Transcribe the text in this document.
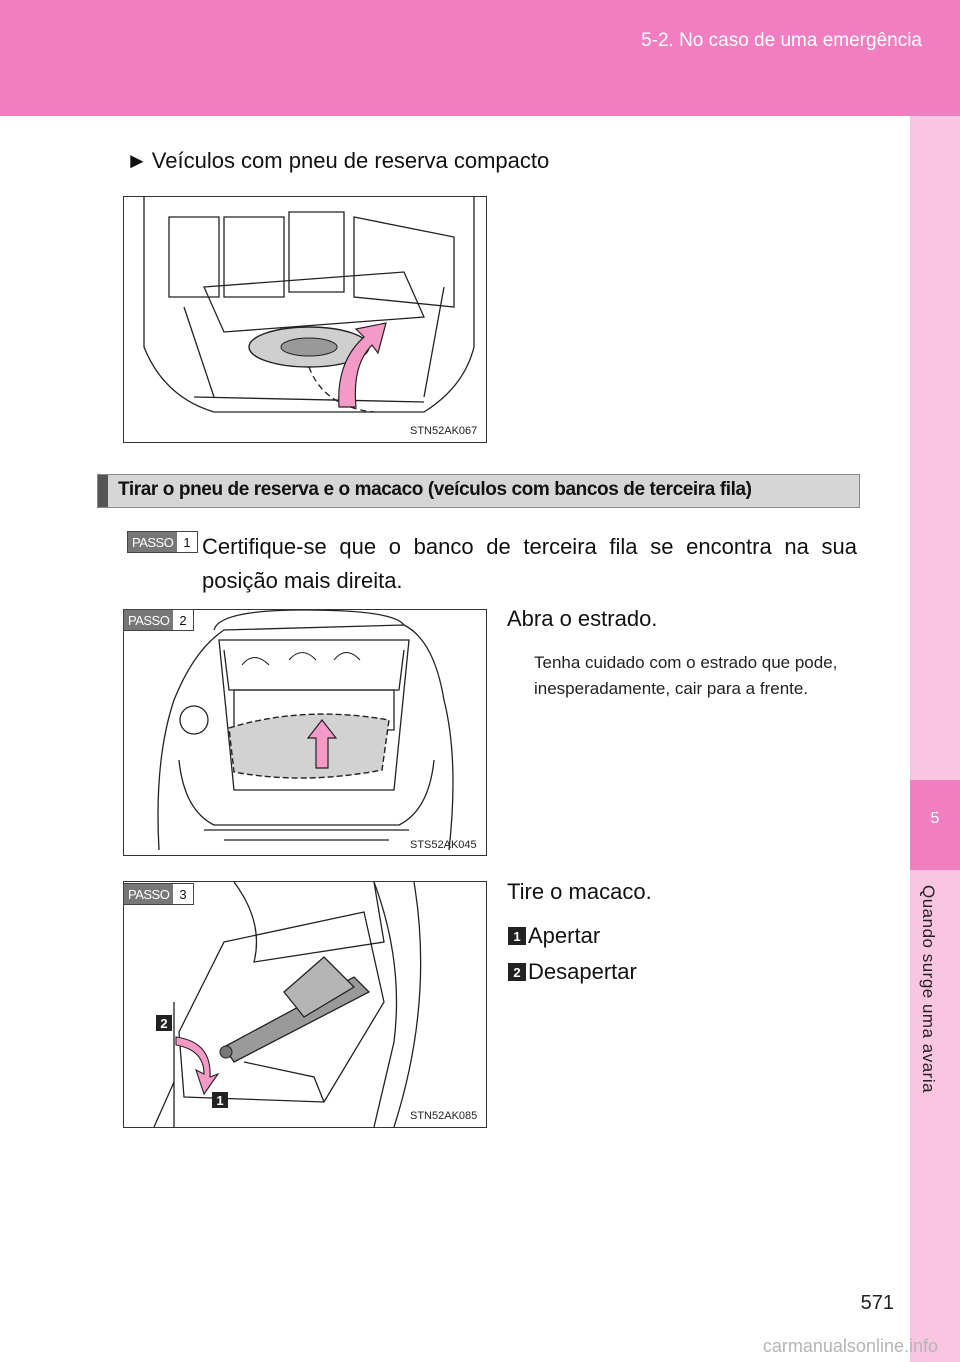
5-2. No caso de uma emergência
5
Quando surge uma avaria
► Veículos com pneu de reserva compacto
STN52AK067
Tirar o pneu de reserva e o macaco (veículos com bancos de terceira fila)
PASSO 1 Certifique-se que o banco de terceira fila se encontra na sua posição mais direita.
PASSO 2
STS52AK045
Abra o estrado.
Tenha cuidado com o estrado que pode, inesperadamente, cair para a frente.
2
1
PASSO 3
STN52AK085
Tire o macaco.
1 Apertar
2 Desapertar
571
carmanualsonline.info
